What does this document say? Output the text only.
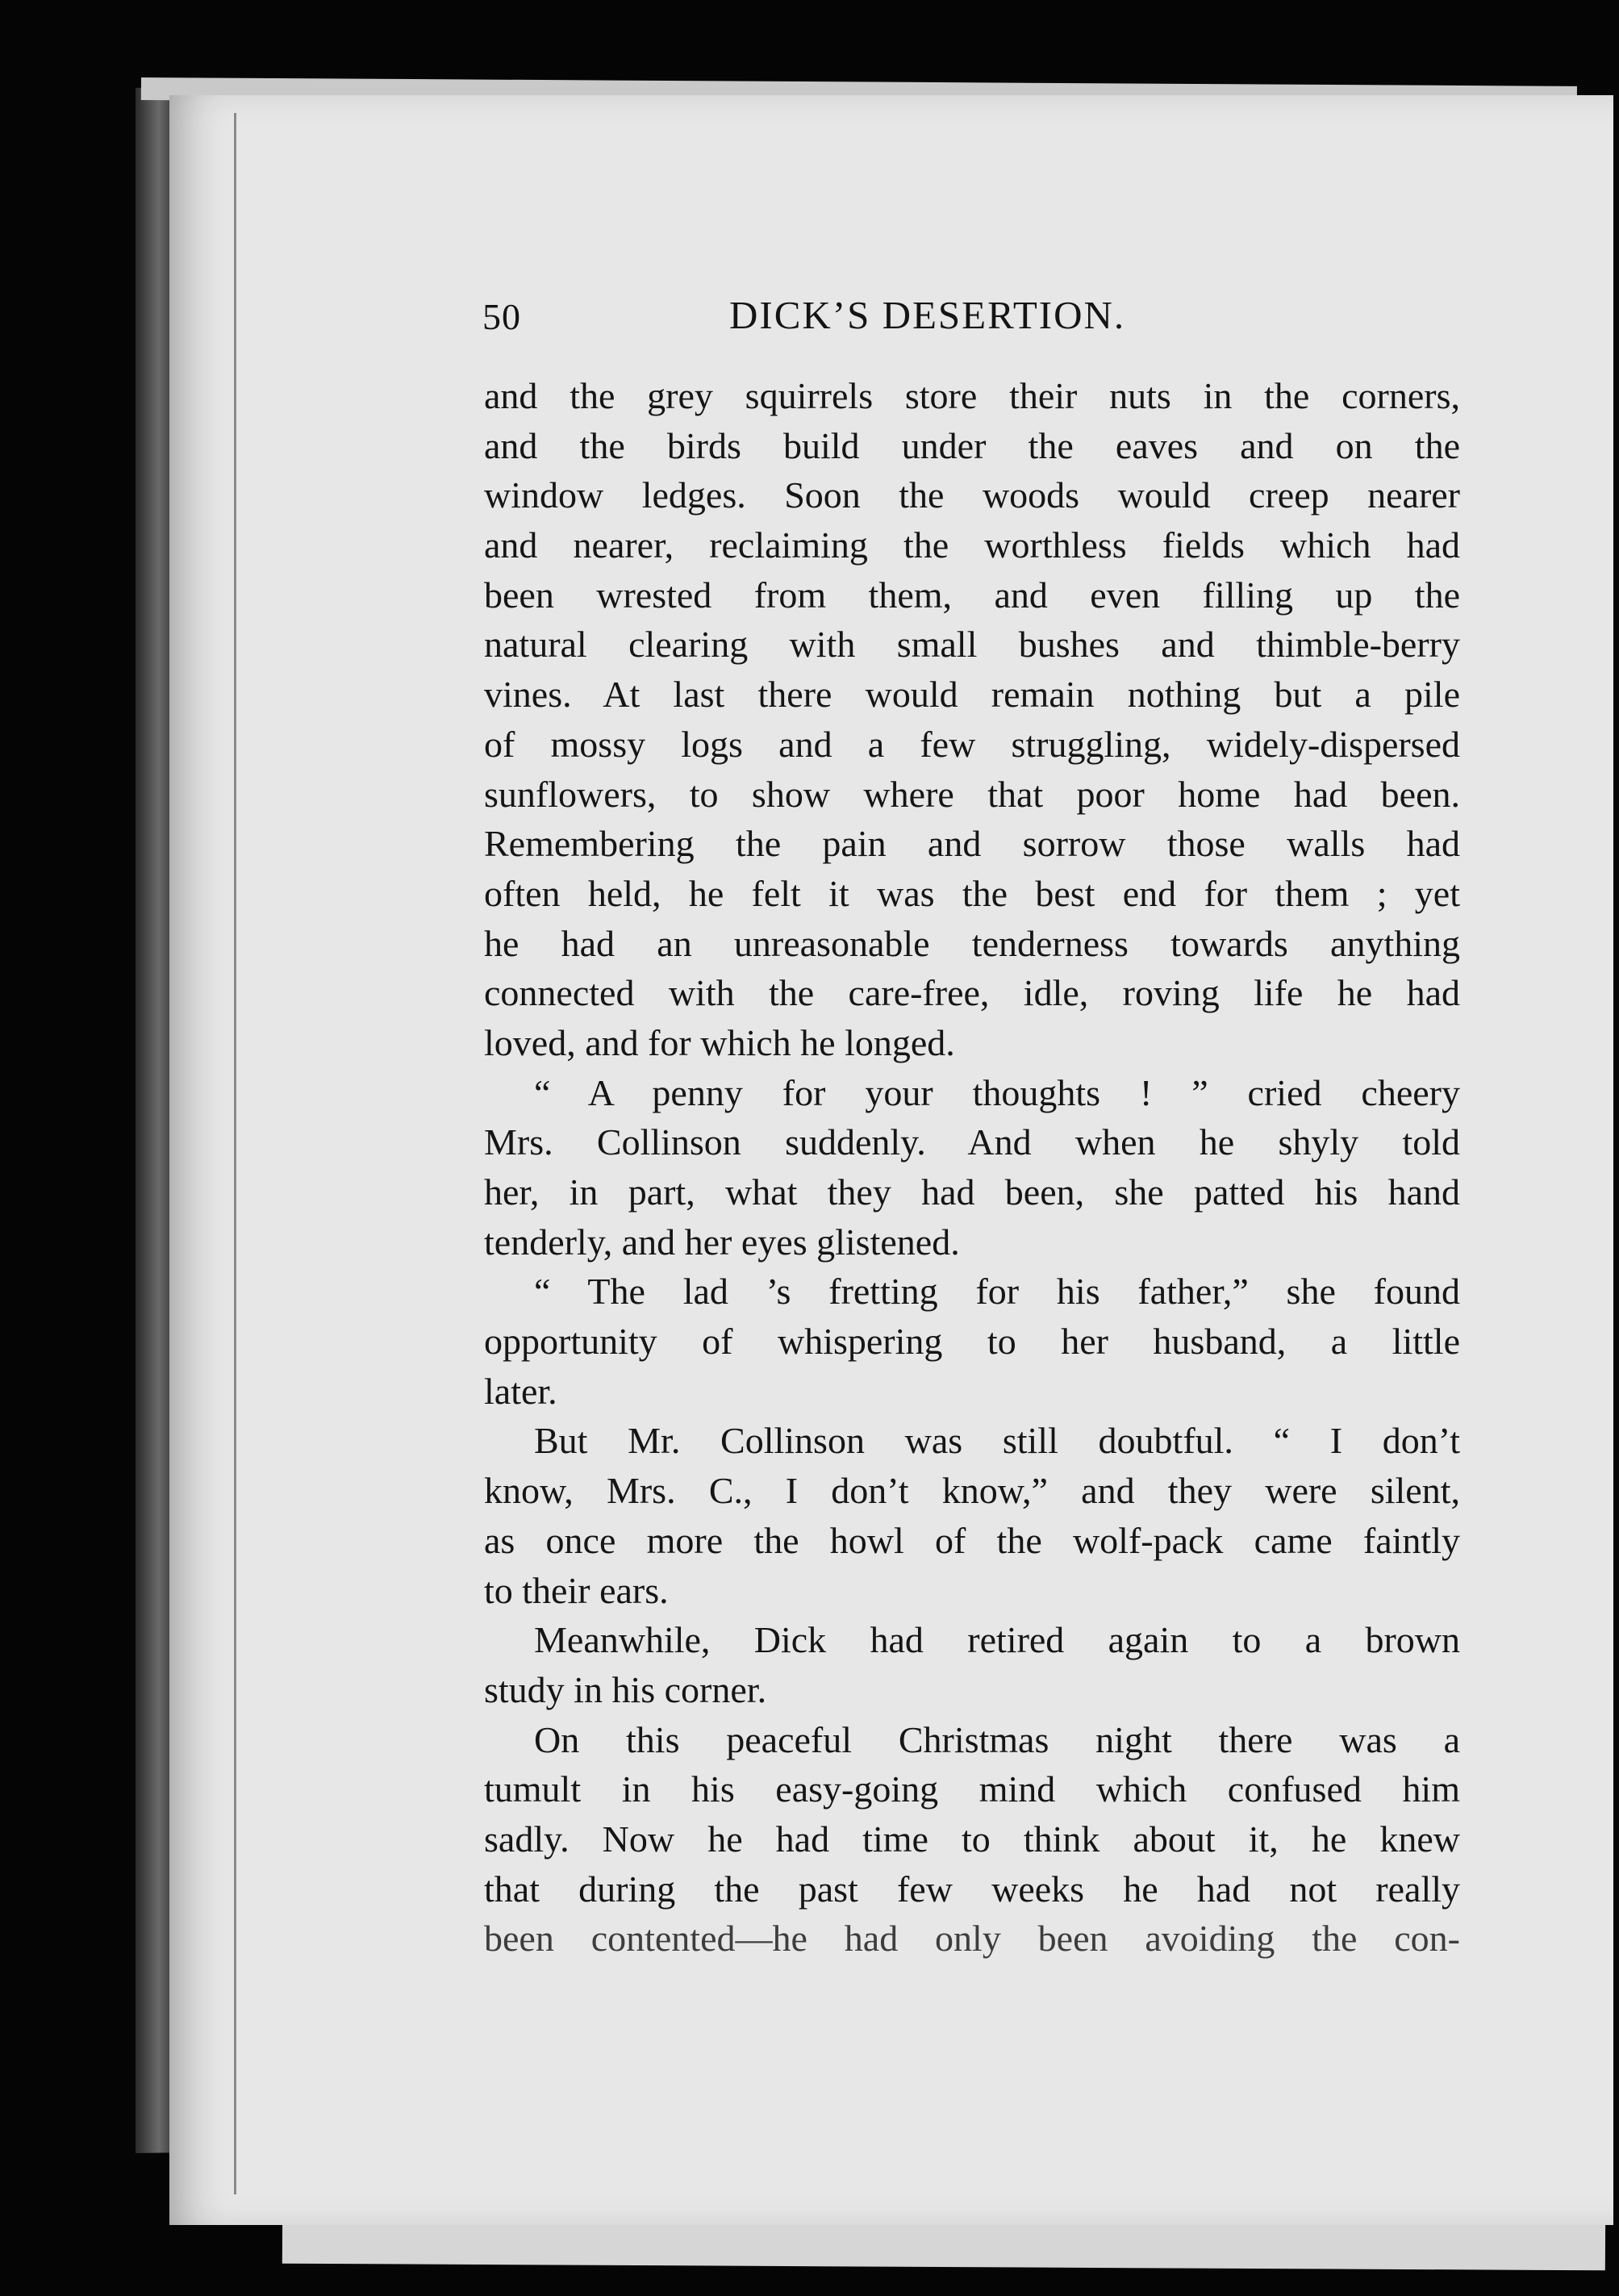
50	DICK’S DESERTION.
and the grey squirrels store their nuts in the corners,
and the birds build under the eaves and on the
window ledges. Soon the woods would creep nearer
and nearer, reclaiming the worthless fields which had
been wrested from them, and even filling up the
natural clearing with small bushes and thimble-berry
vines. At last there would remain nothing but a pile
of mossy logs and a few struggling, widely-dispersed
sunflowers, to show where that poor home had been.
Remembering the pain and sorrow those walls had
often held, he felt it was the best end for them ; yet
he had an unreasonable tenderness towards anything
connected with the care-free, idle, roving life he had
loved, and for which he longed.
“ A penny for your thoughts ! ” cried cheery
Mrs. Collinson suddenly. And when he shyly told
her, in part, what they had been, she patted his hand
tenderly, and her eyes glistened.
“ The lad ’s fretting for his father,” she found
opportunity of whispering to her husband, a little
later.
But Mr. Collinson was still doubtful. “ I don’t
know, Mrs. C., I don’t know,” and they were silent,
as once more the howl of the wolf-pack came faintly
to their ears.
Meanwhile, Dick had retired again to a brown
study in his corner.
On this peaceful Christmas night there was a
tumult in his easy-going mind which confused him
sadly. Now he had time to think about it, he knew
that during the past few weeks he had not really
been contented—he had only been avoiding the con-
